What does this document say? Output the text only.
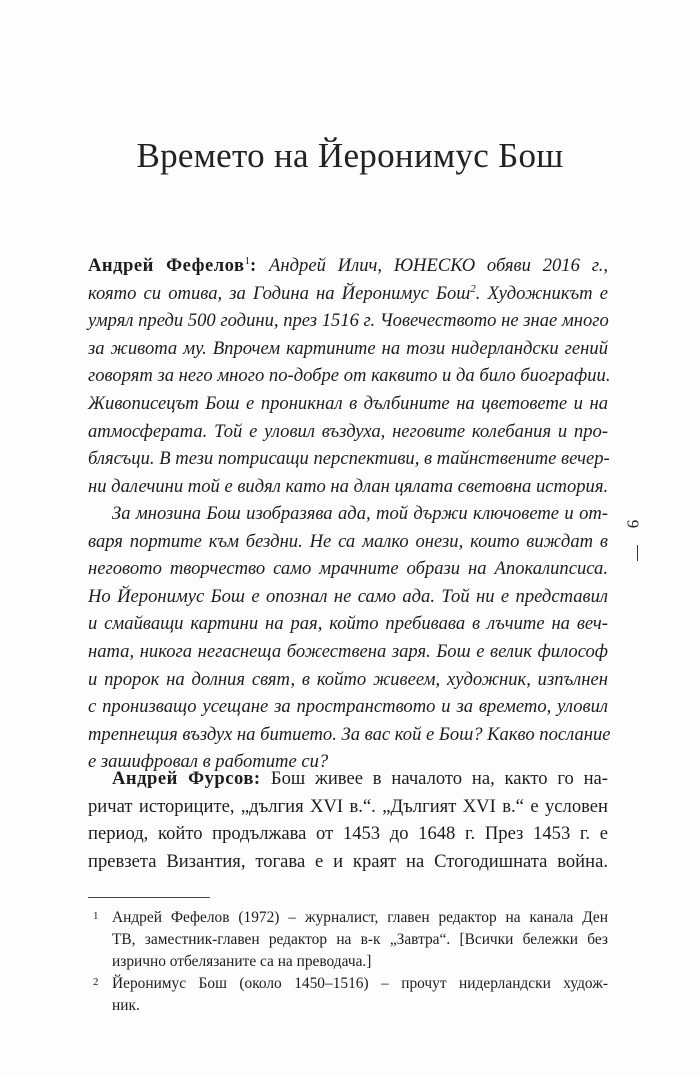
Времето на Йеронимус Бош
9
Андрей Фефелов$^1$: Андрей Илич, ЮНЕСКО обяви 2016 г.,
която си отива, за Година на Йеронимус Бош$^2$. Художникът е
умрял преди 500 години, през 1516 г. Човечеството не знае много
за живота му. Впрочем картините на този нидерландски гений
говорят за него много по-добре от каквито и да било биографии.
Живописецът Бош е проникнал в дълбините на цветовете и на
атмосферата. Той е уловил въздуха, неговите колебания и про-
блясъци. В тези потрисащи перспективи, в тайнствените вечер-
ни далечини той е видял като на длан цялата световна история.
За мнозина Бош изобразява ада, той държи ключовете и от-
варя портите към бездни. Не са малко онези, които виждат в
неговото творчество само мрачните образи на Апокалипсиса.
Но Йеронимус Бош е опознал не само ада. Той ни е представил
и смайващи картини на рая, който пребивава в лъчите на веч-
ната, никога негаснеща божествена заря. Бош е велик философ
и пророк на долния свят, в който живеем, художник, изпълнен
с пронизващо усещане за пространството и за времето, уловил
трепнещия въздух на битието. За вас кой е Бош? Какво послание
е зашифровал в работите си?
Андрей Фурсов: Бош живее в началото на, както го на-
ричат историците, „дългия XVI в.“. „Дългият XVI в.“ е условен
период, който продължава от 1453 до 1648 г. През 1453 г. е
превзета Византия, тогава е и краят на Стогодишната война.
1 Андрей Фефелов (1972) – журналист, главен редактор на канала Ден
ТВ, заместник-главен редактор на в-к „Завтра“. [Всички бележки без
изрично отбелязаните са на преводача.]
2 Йеронимус Бош (около 1450–1516) – прочут нидерландски худож-
ник.
